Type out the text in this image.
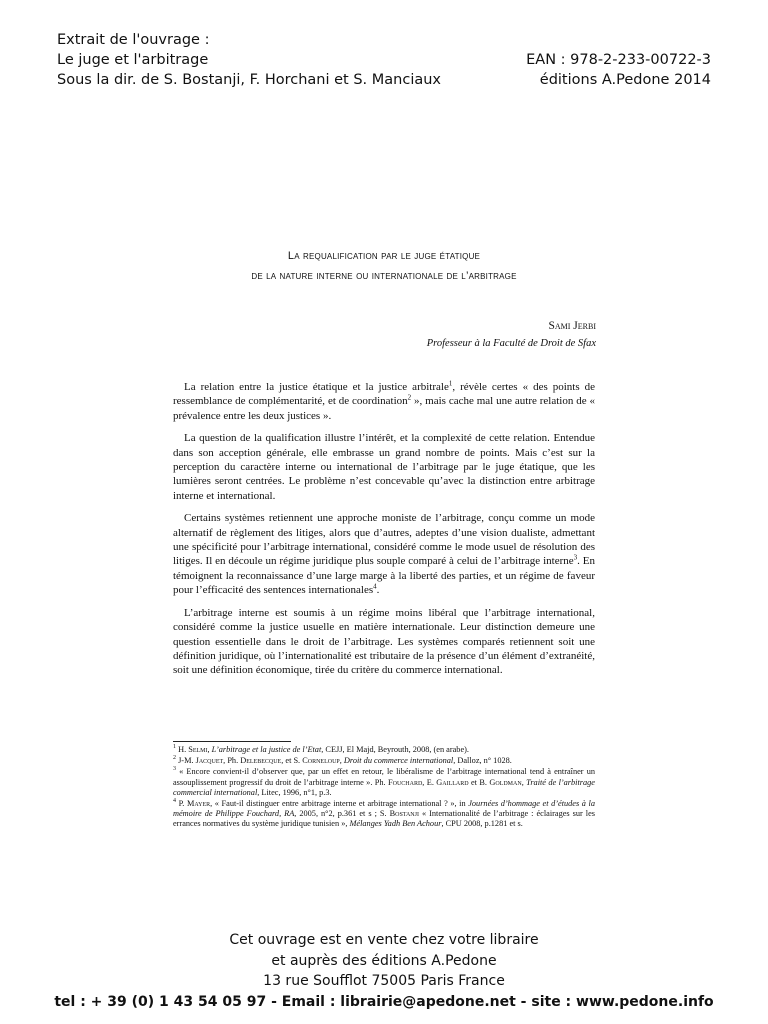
Extrait de l'ouvrage :
Le juge et l'arbitrage
Sous la dir. de S. Bostanji, F. Horchani et S. Manciaux
EAN : 978-2-233-00722-3
éditions A.Pedone 2014
La requalification par le juge étatique
de la nature interne ou internationale de l’arbitrage
Sami Jerbi
Professeur à la Faculté de Droit de Sfax

La relation entre la justice étatique et la justice arbitrale$^1$, révèle certes « des points de ressemblance de complémentarité, et de coordination$^2$ », mais cache mal une autre relation de « prévalence entre les deux justices ».

La question de la qualification illustre l’intérêt, et la complexité de cette relation. Entendue dans son acception générale, elle embrasse un grand nombre de points. Mais c’est sur la perception du caractère interne ou international de l’arbitrage par le juge étatique, que les lumières seront centrées. Le problème n’est concevable qu’avec la distinction entre arbitrage interne et international.

Certains systèmes retiennent une approche moniste de l’arbitrage, conçu comme un mode alternatif de règlement des litiges, alors que d’autres, adeptes d’une vision dualiste, admettant une spécificité pour l’arbitrage international, considéré comme le mode usuel de résolution des litiges. Il en découle un régime juridique plus souple comparé à celui de l’arbitrage interne$^3$. En témoignent la reconnaissance d’une large marge à la liberté des parties, et un régime de faveur pour l’efficacité des sentences internationales$^4$.

L’arbitrage interne est soumis à un régime moins libéral que l’arbitrage international, considéré comme la justice usuelle en matière internationale. Leur distinction demeure une question essentielle dans le droit de l’arbitrage. Les systèmes comparés retiennent soit une définition juridique, où l’internationalité est tributaire de la présence d’un élément d’extranéité, soit une définition économique, tirée du critère du commerce international.

$^1$ H. Selmi, L’arbitrage et la justice de l’Etat, CEJJ, El Majd, Beyrouth, 2008, (en arabe).

$^2$ J-M. Jacquet, Ph. Delebecque, et S. Corneloup, Droit du commerce international, Dalloz, n° 1028.

$^3$ « Encore convient-il d’observer que, par un effet en retour, le libéralisme de l’arbitrage international tend à entraîner un assouplissement progressif du droit de l’arbitrage interne ». Ph. Fouchard, E. Gaillard et B. Goldman, Traité de l’arbitrage commercial international, Litec, 1996, n°1, p.3.

$^4$ P. Mayer, « Faut-il distinguer entre arbitrage interne et arbitrage international ? », in Journées d’hommage et d’études à la mémoire de Philippe Fouchard, RA, 2005, n°2, p.361 et s ; S. Bostanji « Internationalité de l’arbitrage : éclairages sur les errances normatives du système juridique tunisien », Mélanges Yadh Ben Achour, CPU 2008, p.1281 et s.

Cet ouvrage est en vente chez votre libraire
et auprès des éditions A.Pedone
13 rue Soufflot 75005 Paris France
tel : + 39 (0) 1 43 54 05 97 - Email : librairie@apedone.net - site : www.pedone.info
